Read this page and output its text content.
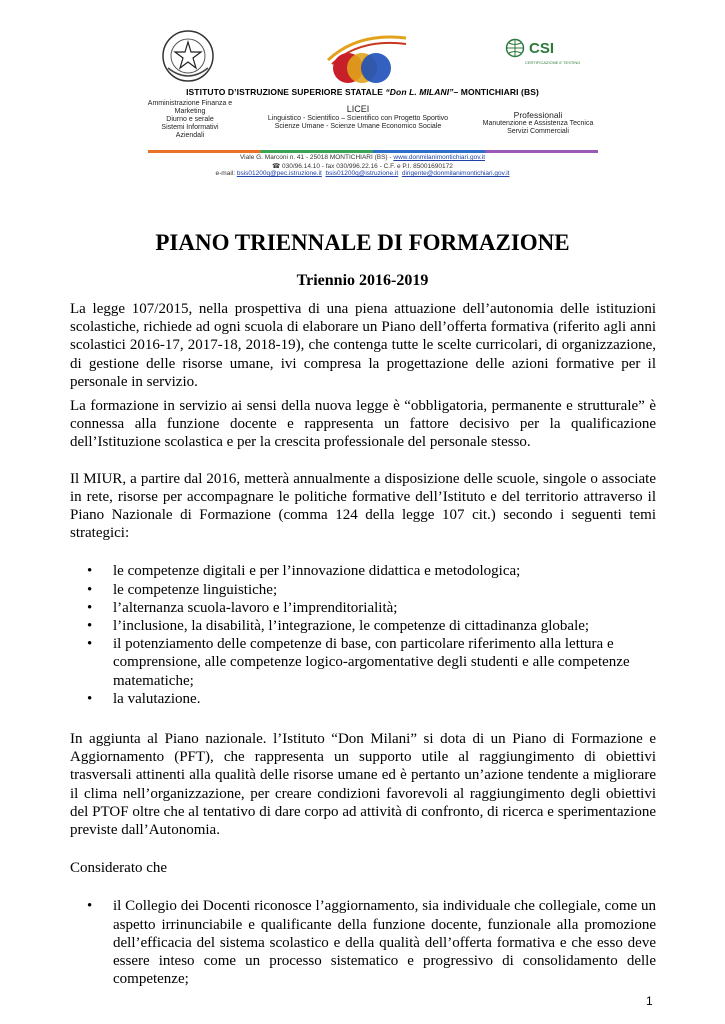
CSI
CERTIFICAZIONE E TESTING
ISTITUTO D’ISTRUZIONE SUPERIORE STATALE “Don L. MILANI”– MONTICHIARI (BS)
Amministrazione Finanza e
Marketing
Diurno e serale
Sistemi Informativi
Aziendali
LICEI
Linguistico - Scientifico – Scientifico con Progetto Sportivo
Scienze Umane - Scienze Umane Economico Sociale
Professionali
Manutenzione e Assistenza Tecnica
Servizi Commerciali
Viale G. Marconi n. 41 - 25018 MONTICHIARI (BS) - www.donmilanimontichiari.gov.it
☎ 030/96.14.10 - fax 030/996.22.16 - C.F. e P.I. 85001690172
e-mail: bsis01200q@pec.istruzione.it bsis01200q@istruzione.it dirigente@donmilanimontichiari.gov.it
·
PIANO TRIENNALE DI FORMAZIONE
Triennio 2016-2019

La legge 107/2015, nella prospettiva di una piena attuazione dell’autonomia delle istituzioni scolastiche, richiede ad ogni scuola di elaborare un Piano dell’offerta formativa (riferito agli anni scolastici 2016-17, 2017-18, 2018-19), che contenga tutte le scelte curricolari, di organizzazione, di gestione delle risorse umane, ivi compresa la progettazione delle azioni formative per il personale in servizio.

La formazione in servizio ai sensi della nuova legge è “obbligatoria, permanente e strutturale” è connessa alla funzione docente e rappresenta un fattore decisivo per la qualificazione dell’Istituzione scolastica e per la crescita professionale del personale stesso.

Il MIUR, a partire dal 2016, metterà annualmente a disposizione delle scuole, singole o associate in rete, risorse per accompagnare le politiche formative dell’Istituto e del territorio attraverso il Piano Nazionale di Formazione (comma 124 della legge 107 cit.) secondo i seguenti temi strategici:

• le competenze digitali e per l’innovazione didattica e metodologica;
• le competenze linguistiche;
• l’alternanza scuola-lavoro e l’imprenditorialità;
• l’inclusione, la disabilità, l’integrazione, le competenze di cittadinanza globale;
• il potenziamento delle competenze di base, con particolare riferimento alla lettura e comprensione, alle competenze logico-argomentative degli studenti e alle competenze matematiche;
• la valutazione.

In aggiunta al Piano nazionale. l’Istituto “Don Milani” si dota di un Piano di Formazione e Aggiornamento (PFT), che rappresenta un supporto utile al raggiungimento di obiettivi trasversali attinenti alla qualità delle risorse umane ed è pertanto un’azione tendente a migliorare il clima nell’organizzazione, per creare condizioni favorevoli al raggiungimento degli obiettivi del PTOF oltre che al tentativo di dare corpo ad attività di confronto, di ricerca e sperimentazione previste dall’Autonomia.

Considerato che

• il Collegio dei Docenti riconosce l’aggiornamento, sia individuale che collegiale, come un aspetto irrinunciabile e qualificante della funzione docente, funzionale alla promozione dell’efficacia del sistema scolastico e della qualità dell’offerta formativa e che esso deve essere inteso come un processo sistematico e progressivo di consolidamento delle competenze;
1
